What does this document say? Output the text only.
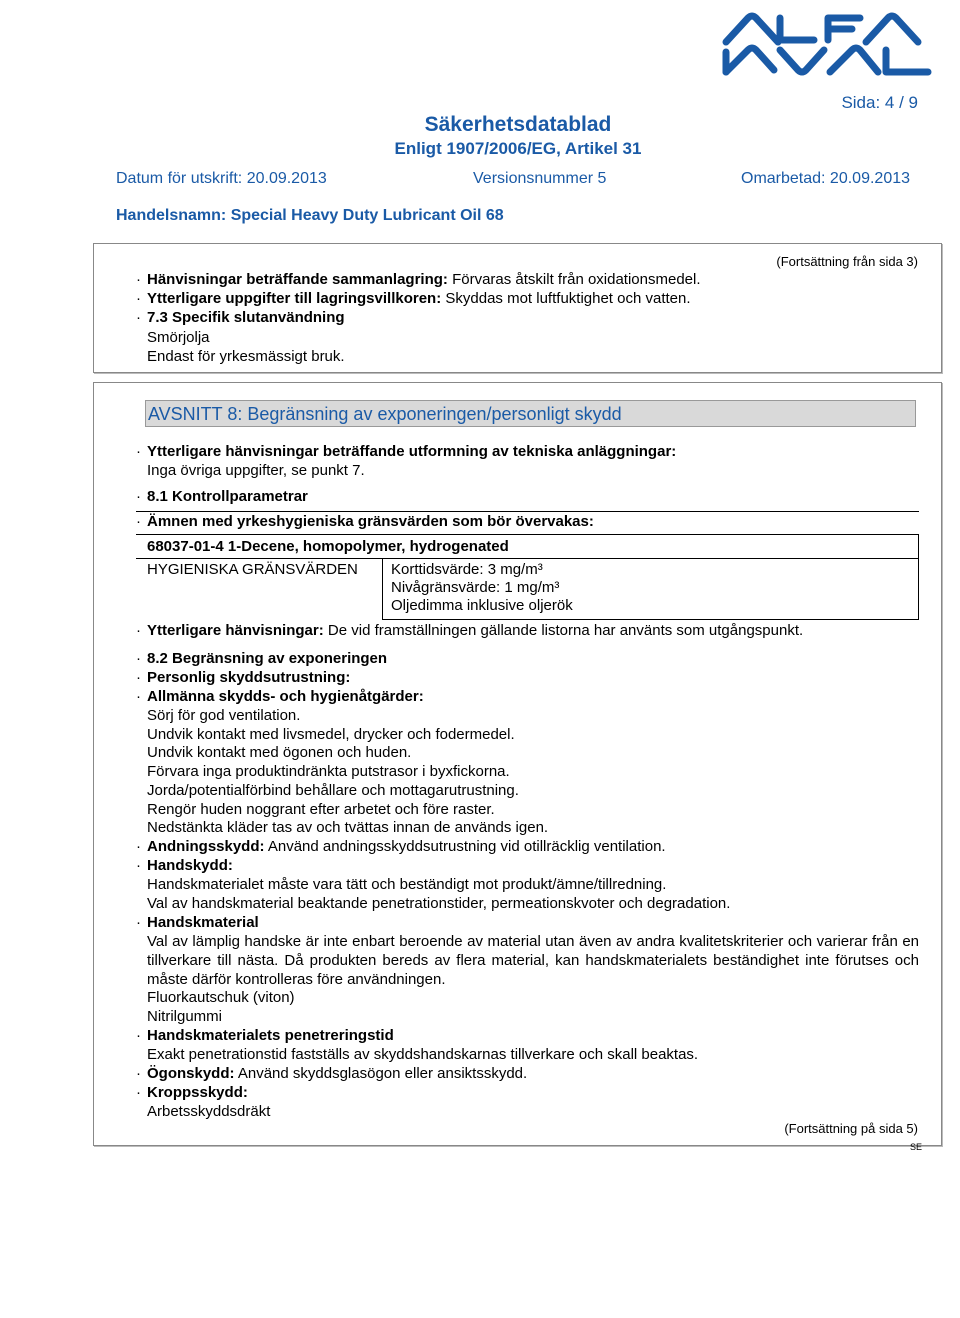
Sida: 4 / 9
Säkerhetsdatablad
Enligt 1907/2006/EG, Artikel 31
Datum för utskrift: 20.09.2013	Versionsnummer 5	Omarbetad: 20.09.2013
Handelsnamn: Special Heavy Duty Lubricant Oil 68
(Fortsättning från sida 3)
· Hänvisningar beträffande sammanlagring: Förvaras åtskilt från oxidationsmedel.
· Ytterligare uppgifter till lagringsvillkoren: Skyddas mot luftfuktighet och vatten.
· 7.3 Specifik slutanvändning
Smörjolja
Endast för yrkesmässigt bruk.
AVSNITT 8: Begränsning av exponeringen/personligt skydd
· Ytterligare hänvisningar beträffande utformning av tekniska anläggningar:
Inga övriga uppgifter, se punkt 7.
· 8.1 Kontrollparametrar
· Ämnen med yrkeshygieniska gränsvärden som bör övervakas:
68037-01-4 1-Decene, homopolymer, hydrogenated
HYGIENISKA GRÄNSVÄRDEN Korttidsvärde: 3 mg/m³
Nivågränsvärde: 1 mg/m³
Oljedimma inklusive oljerök
· Ytterligare hänvisningar: De vid framställningen gällande listorna har använts som utgångspunkt.
· 8.2 Begränsning av exponeringen
· Personlig skyddsutrustning:
· Allmänna skydds- och hygienåtgärder:
Sörj för god ventilation.
Undvik kontakt med livsmedel, drycker och fodermedel.
Undvik kontakt med ögonen och huden.
Förvara inga produktindränkta putstrasor i byxfickorna.
Jorda/potentialförbind behållare och mottagarutrustning.
Rengör huden noggrant efter arbetet och före raster.
Nedstänkta kläder tas av och tvättas innan de används igen.
· Andningsskydd: Använd andningsskyddsutrustning vid otillräcklig ventilation.
· Handskydd:
Handskmaterialet måste vara tätt och beständigt mot produkt/ämne/tillredning.
Val av handskmaterial beaktande penetrationstider, permeationskvoter och degradation.
· Handskmaterial
Val av lämplig handske är inte enbart beroende av material utan även av andra kvalitetskriterier och varierar från en tillverkare till nästa. Då produkten bereds av flera material, kan handskmaterialets beständighet inte förutses och måste därför kontrolleras före användningen.
Fluorkautschuk (viton)
Nitrilgummi
· Handskmaterialets penetreringstid
Exakt penetrationstid fastställs av skyddshandskarnas tillverkare och skall beaktas.
· Ögonskydd: Använd skyddsglasögon eller ansiktsskydd.
· Kroppsskydd:
Arbetsskyddsdräkt
(Fortsättning på sida 5)
SE
